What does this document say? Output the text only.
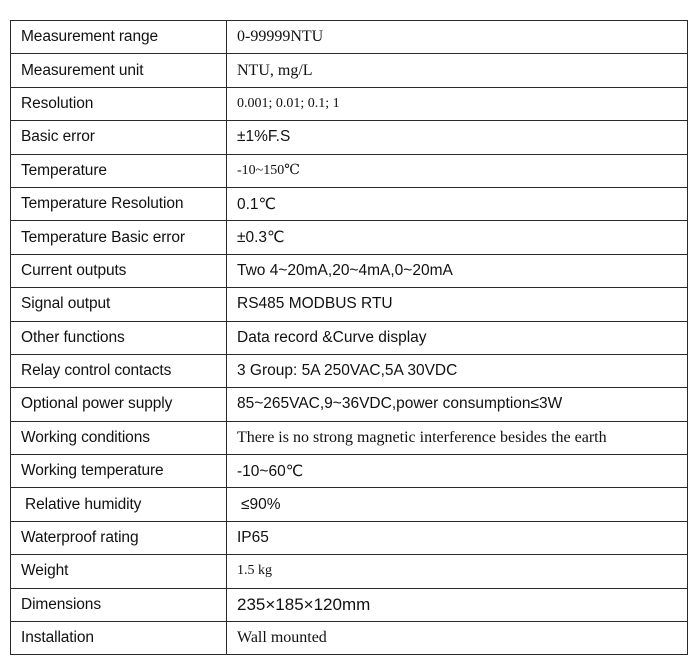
Measurement range	0-99999NTU
Measurement unit	NTU, mg/L
Resolution	0.001; 0.01; 0.1; 1
Basic error	±1%F.S
Temperature	-10~150℃
Temperature Resolution	0.1℃
Temperature Basic error	±0.3℃
Current outputs	Two 4~20mA,20~4mA,0~20mA
Signal output	RS485 MODBUS RTU
Other functions	Data record &Curve display
Relay control contacts	3 Group: 5A 250VAC,5A 30VDC
Optional power supply	85~265VAC,9~36VDC,power consumption≤3W
Working conditions	There is no strong magnetic interference besides the earth
Working temperature	-10~60℃
Relative humidity	≤90%
Waterproof rating	IP65
Weight	1.5 kg
Dimensions	235×185×120mm
Installation	Wall mounted
